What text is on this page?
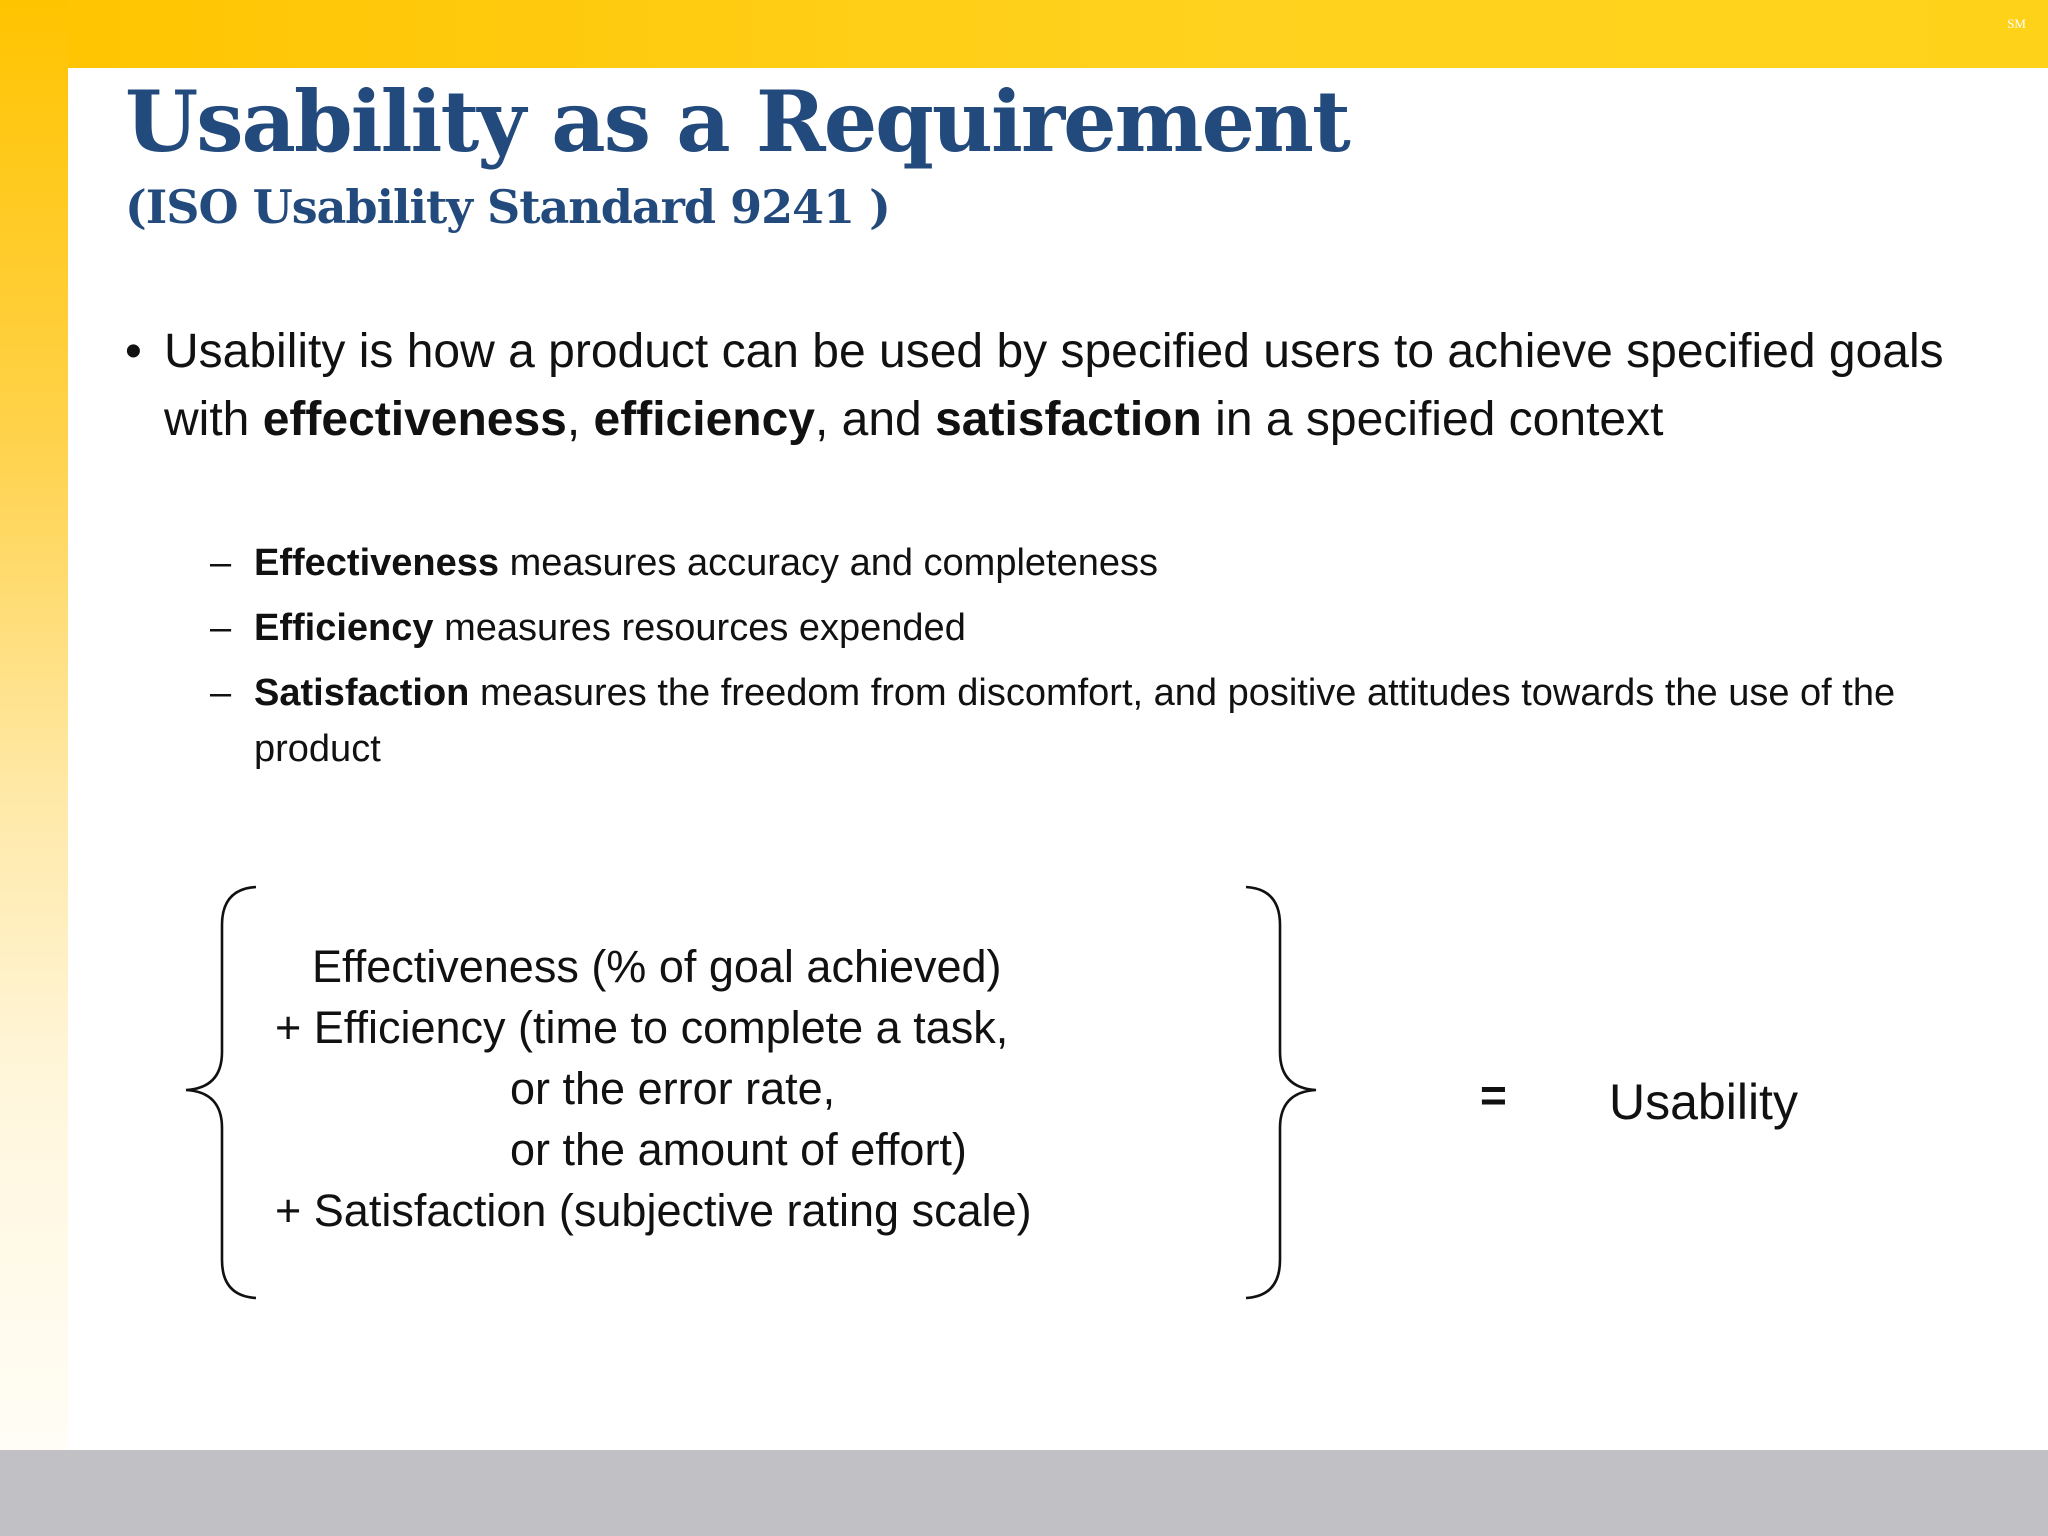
SM
Usability as a Requirement
(ISO Usability Standard 9241 )
• Usability is how a product can be used by specified users to achieve specified goals with effectiveness, efficiency, and satisfaction in a specified context
– Effectiveness measures accuracy and completeness
– Efficiency measures resources expended
– Satisfaction measures the freedom from discomfort, and positive attitudes towards the use of the product
Effectiveness (% of goal achieved)
+ Efficiency (time to complete a task,
or the error rate,
or the amount of effort)
+ Satisfaction (subjective rating scale)
= Usability
